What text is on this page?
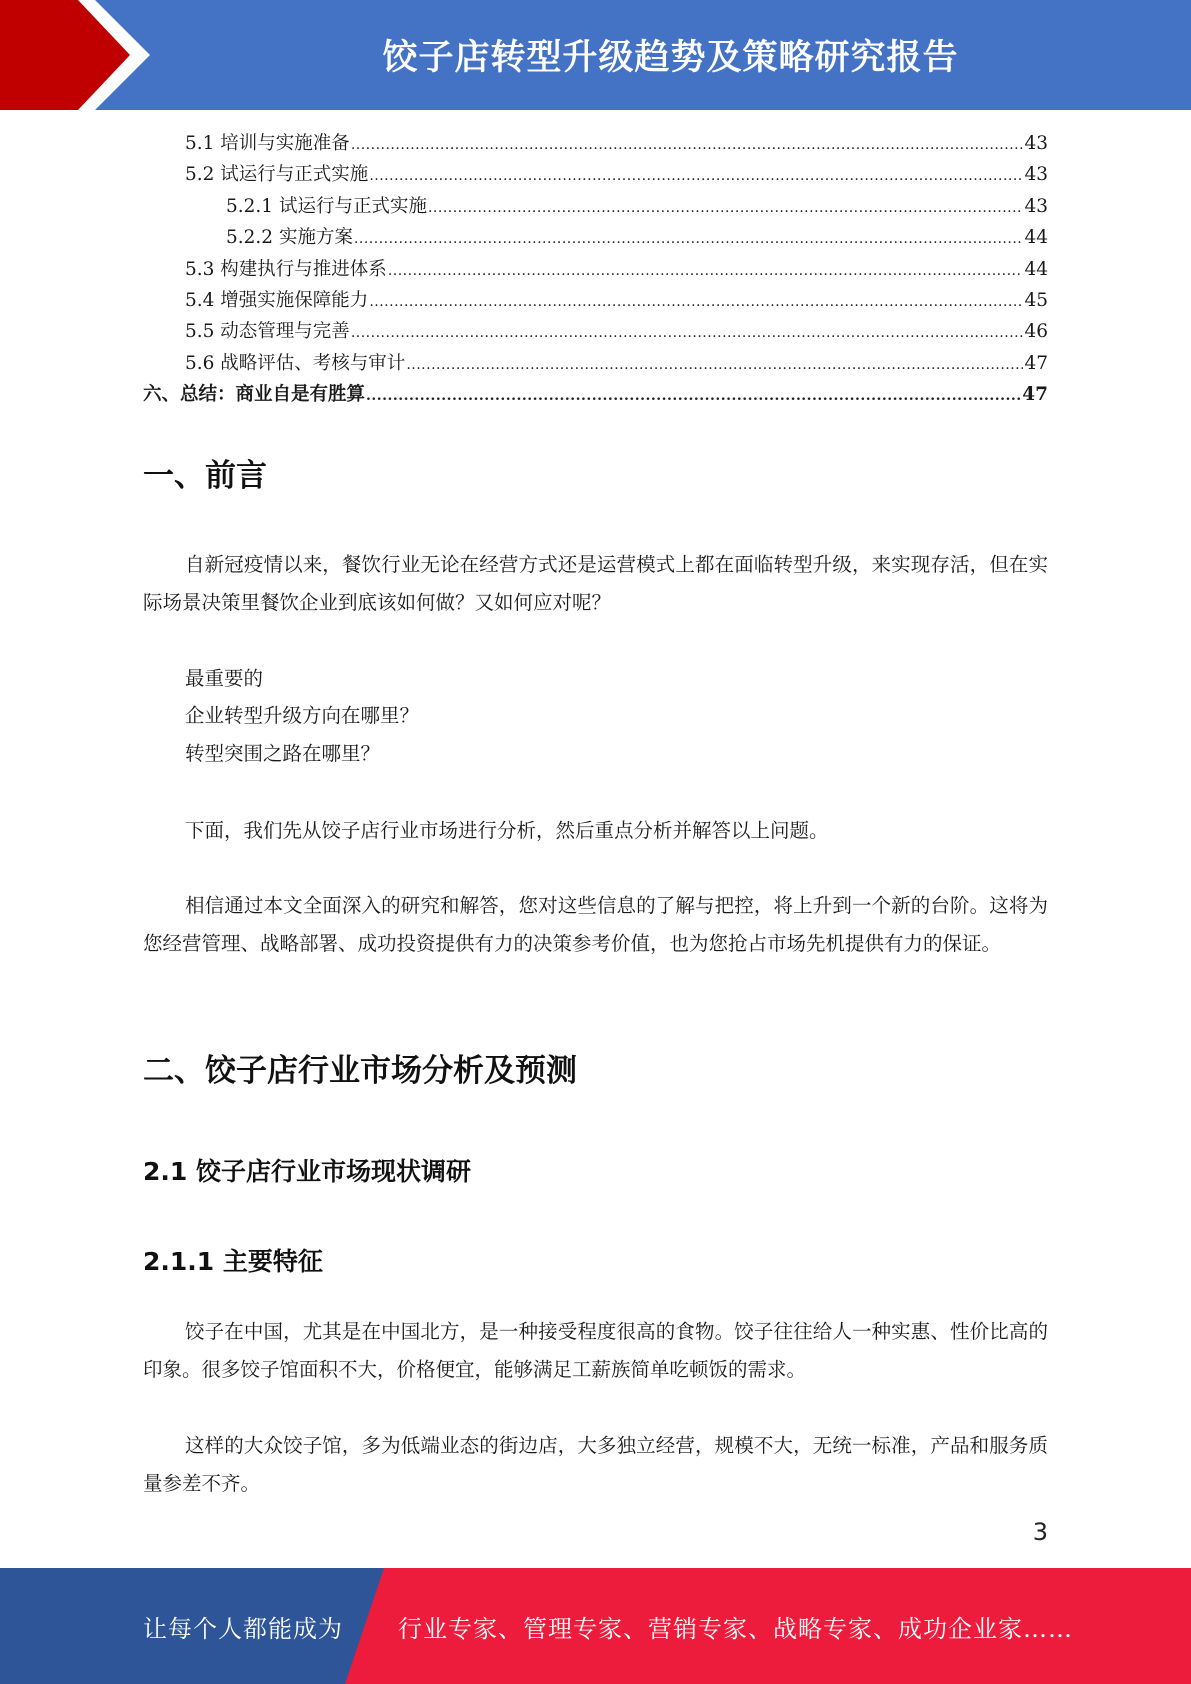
饺子店转型升级趋势及策略研究报告
5.1 培训与实施准备 .....	43
5.2 试运行与正式实施 .....	43
5.2.1 试运行与正式实施 .....	43
5.2.2 实施方案 .....	44
5.3 构建执行与推进体系 .....	44
5.4 增强实施保障能力 .....	45
5.5 动态管理与完善 .....	46
5.6 战略评估、考核与审计 .....	47
六、总结：商业自是有胜算 .....	47
一、前言
自新冠疫情以来，餐饮行业无论在经营方式还是运营模式上都在面临转型升级，来实现存活，但在实际场景决策里餐饮企业到底该如何做？又如何应对呢？
最重要的
企业转型升级方向在哪里？
转型突围之路在哪里？
下面，我们先从饺子店行业市场进行分析，然后重点分析并解答以上问题。
相信通过本文全面深入的研究和解答，您对这些信息的了解与把控，将上升到一个新的台阶。这将为您经营管理、战略部署、成功投资提供有力的决策参考价值，也为您抢占市场先机提供有力的保证。
二、饺子店行业市场分析及预测
2.1 饺子店行业市场现状调研
2.1.1 主要特征
饺子在中国，尤其是在中国北方，是一种接受程度很高的食物。饺子往往给人一种实惠、性价比高的印象。很多饺子馆面积不大，价格便宜，能够满足工薪族简单吃顿饭的需求。
这样的大众饺子馆，多为低端业态的街边店，大多独立经营，规模不大，无统一标准，产品和服务质量参差不齐。
3
让每个人都能成为 行业专家、管理专家、营销专家、战略专家、成功企业家……
